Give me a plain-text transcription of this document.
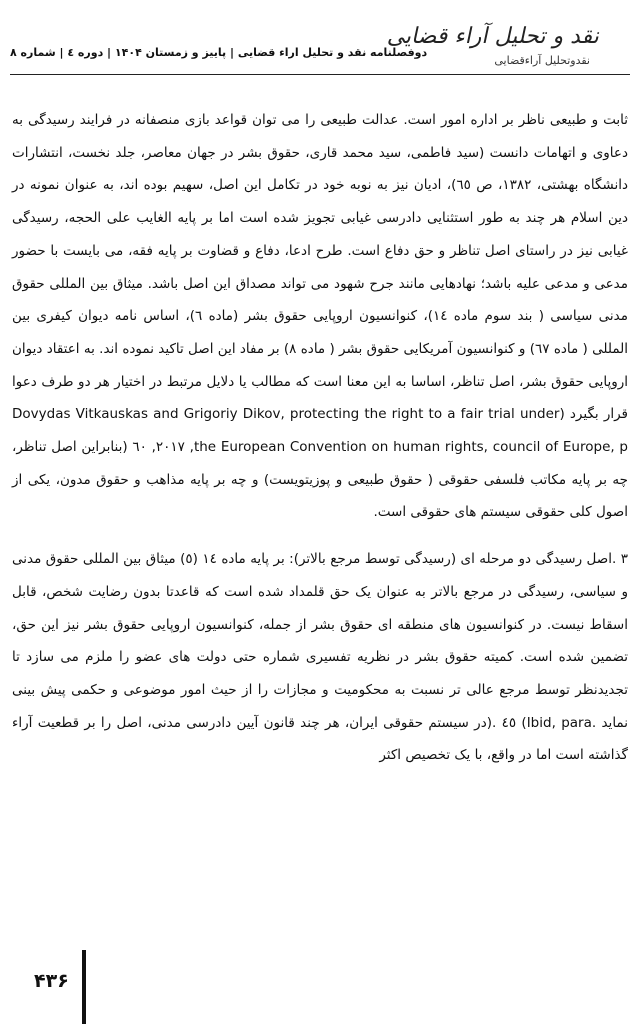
نقد و تحلیل آراء قضایی
نقدوتحلیل آراءقضایی
دوفصلنامه نقد و تحلیل اراء قضایی | پاییز و زمستان ۱۴۰۴ | دوره ٤ | شماره ٨

ثابت و طبیعی ناظر بر اداره امور است. عدالت طبیعی را می توان قواعد بازی منصفانه در فرایند رسیدگی به دعاوی و اتهامات دانست (سید فاطمی، سید محمد قاری، حقوق بشر در جهان معاصر، جلد نخست، انتشارات دانشگاه بهشتی، ۱۳۸۲، ص ٦٥)، ادیان نیز به نوبه خود در تکامل این اصل، سهیم بوده اند، به عنوان نمونه در دین اسلام هر چند به طور استثنایی دادرسی غیابی تجویز شده است اما بر پایه الغایب علی الحجه، رسیدگی غیابی نیز در راستای اصل تناظر و حق دفاع است. طرح ادعا، دفاع و قضاوت بر پایه فقه، می بایست با حضور مدعی و مدعی علیه باشد؛ نهادهایی مانند جرح شهود می تواند مصداق این اصل باشد. میثاق بین المللی حقوق مدنی سیاسی ( بند سوم ماده ١٤)، کنوانسیون اروپایی حقوق بشر (ماده ٦)، اساس نامه دیوان کیفری بین المللی ( ماده ٦٧) و کنوانسیون آمریکایی حقوق بشر ( ماده ٨) بر مفاد این اصل تاکید نموده اند. به اعتقاد دیوان اروپایی حقوق بشر، اصل تناظر، اساسا به این معنا است که مطالب یا دلایل مرتبط در اختیار هر دو طرف دعوا قرار بگیرد (Dovydas Vitkauskas and Grigoriy Dikov, protecting the right to a fair trial under the European Convention on human rights, council of Europe, p, ٢٠١٧, ٦٠ (بنابراین اصل تناظر، چه بر پایه مکاتب فلسفی حقوقی ( حقوق طبیعی و پوزیتویست) و چه بر پایه مذاهب و حقوق مدون، یکی از اصول کلی حقوقی سیستم های حقوقی است.

٣ .اصل رسیدگی دو مرحله ای (رسیدگی توسط مرجع بالاتر): بر پایه ماده ١٤ (٥) میثاق بین المللی حقوق مدنی و سیاسی، رسیدگی در مرجع بالاتر به عنوان یک حق قلمداد شده است که قاعدتا بدون رضایت شخص، قابل اسقاط نیست. در کنوانسیون های منطقه ای حقوق بشر از جمله، کنوانسیون اروپایی حقوق بشر نیز این حق، تضمین شده است. کمیته حقوق بشر در نظریه تفسیری شماره حتی دولت های عضو را ملزم می سازد تا تجدیدنظر توسط مرجع عالی تر نسبت به محکومیت و مجازات را از حیث امور موضوعی و حکمی پیش بینی نماید .Ibid, para) ٤٥ .(در سیستم حقوقی ایران، هر چند قانون آیین دادرسی مدنی، اصل را بر قطعیت آراء گذاشته است اما در واقع، با یک تخصیص اکثر

۴۳۶
